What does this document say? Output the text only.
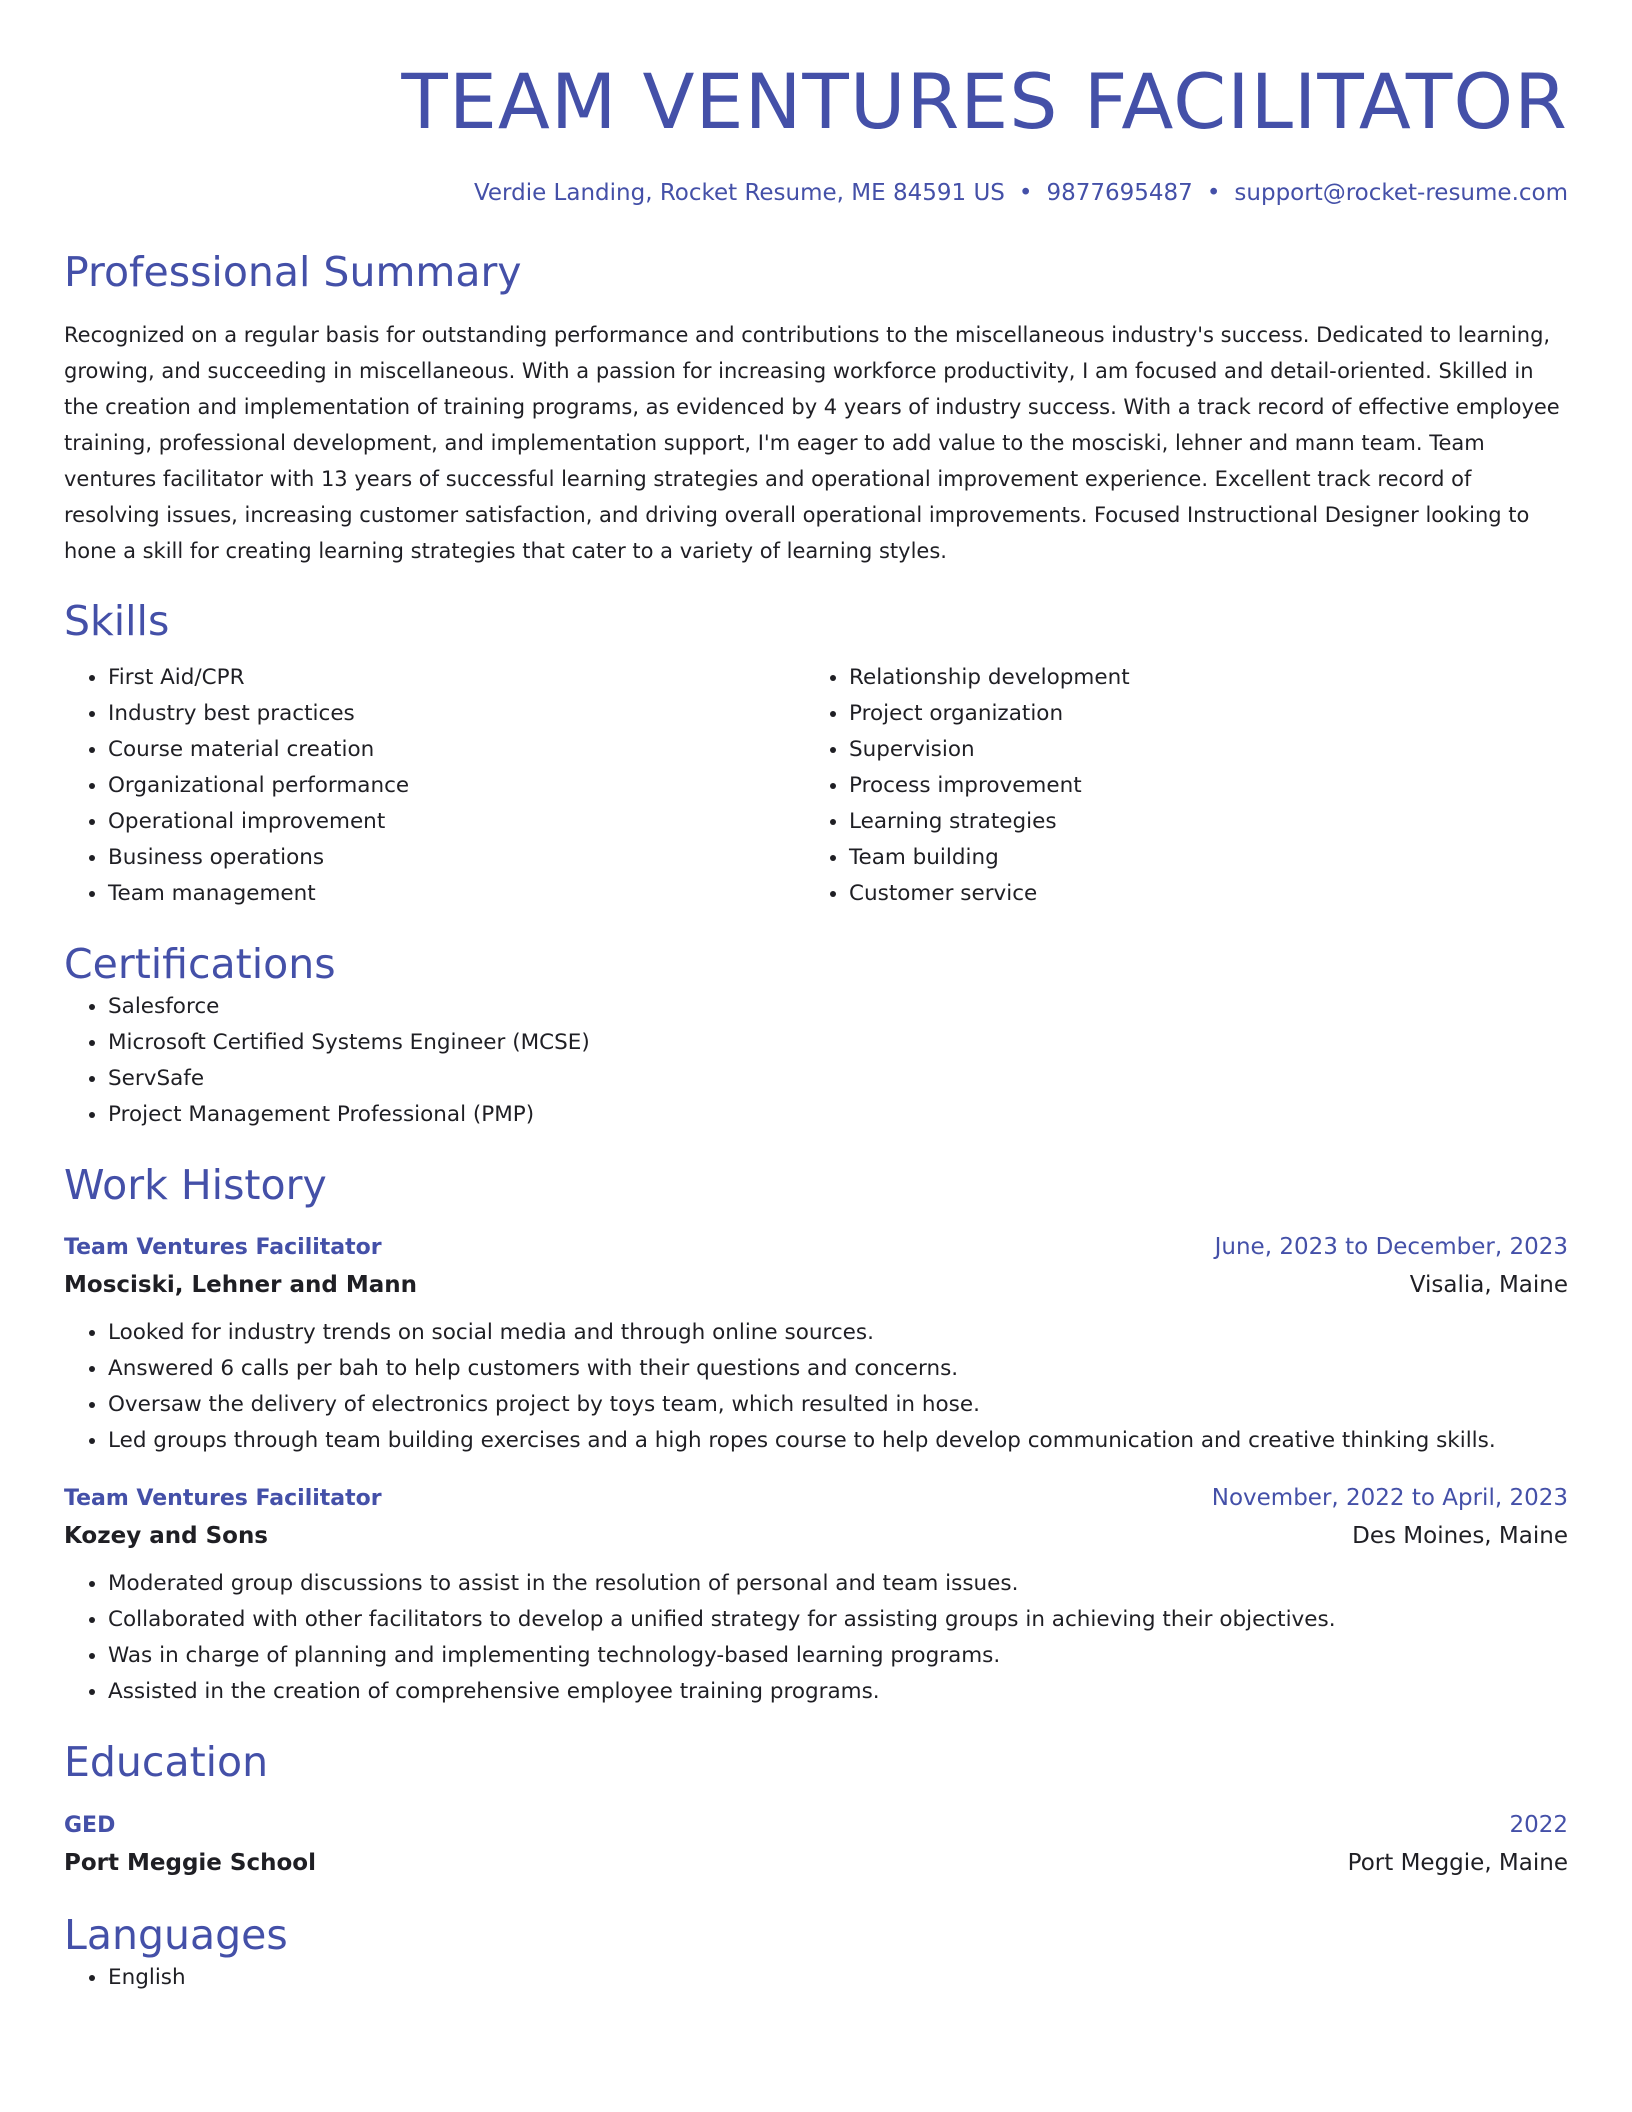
TEAM VENTURES FACILITATOR
Verdie Landing, Rocket Resume, ME 84591 US • 9877695487 • support@rocket-resume.com
Professional Summary

Recognized on a regular basis for outstanding performance and contributions to the miscellaneous industry's success. Dedicated to learning, growing, and succeeding in miscellaneous. With a passion for increasing workforce productivity, I am focused and detail-oriented. Skilled in the creation and implementation of training programs, as evidenced by 4 years of industry success. With a track record of effective employee training, professional development, and implementation support, I'm eager to add value to the mosciski, lehner and mann team. Team ventures facilitator with 13 years of successful learning strategies and operational improvement experience. Excellent track record of resolving issues, increasing customer satisfaction, and driving overall operational improvements. Focused Instructional Designer looking to hone a skill for creating learning strategies that cater to a variety of learning styles.

Skills
• First Aid/CPR
• Industry best practices
• Course material creation
• Organizational performance
• Operational improvement
• Business operations
• Team management
• Relationship development
• Project organization
• Supervision
• Process improvement
• Learning strategies
• Team building
• Customer service
Certifications
• Salesforce
• Microsoft Certified Systems Engineer (MCSE)
• ServSafe
• Project Management Professional (PMP)
Work History
Team Ventures Facilitator	June, 2023 to December, 2023
Mosciski, Lehner and Mann	Visalia, Maine
• Looked for industry trends on social media and through online sources.
• Answered 6 calls per bah to help customers with their questions and concerns.
• Oversaw the delivery of electronics project by toys team, which resulted in hose.
• Led groups through team building exercises and a high ropes course to help develop communication and creative thinking skills.
Team Ventures Facilitator	November, 2022 to April, 2023
Kozey and Sons	Des Moines, Maine
• Moderated group discussions to assist in the resolution of personal and team issues.
• Collaborated with other facilitators to develop a unified strategy for assisting groups in achieving their objectives.
• Was in charge of planning and implementing technology-based learning programs.
• Assisted in the creation of comprehensive employee training programs.
Education
GED	2022
Port Meggie School	Port Meggie, Maine
Languages
• English
